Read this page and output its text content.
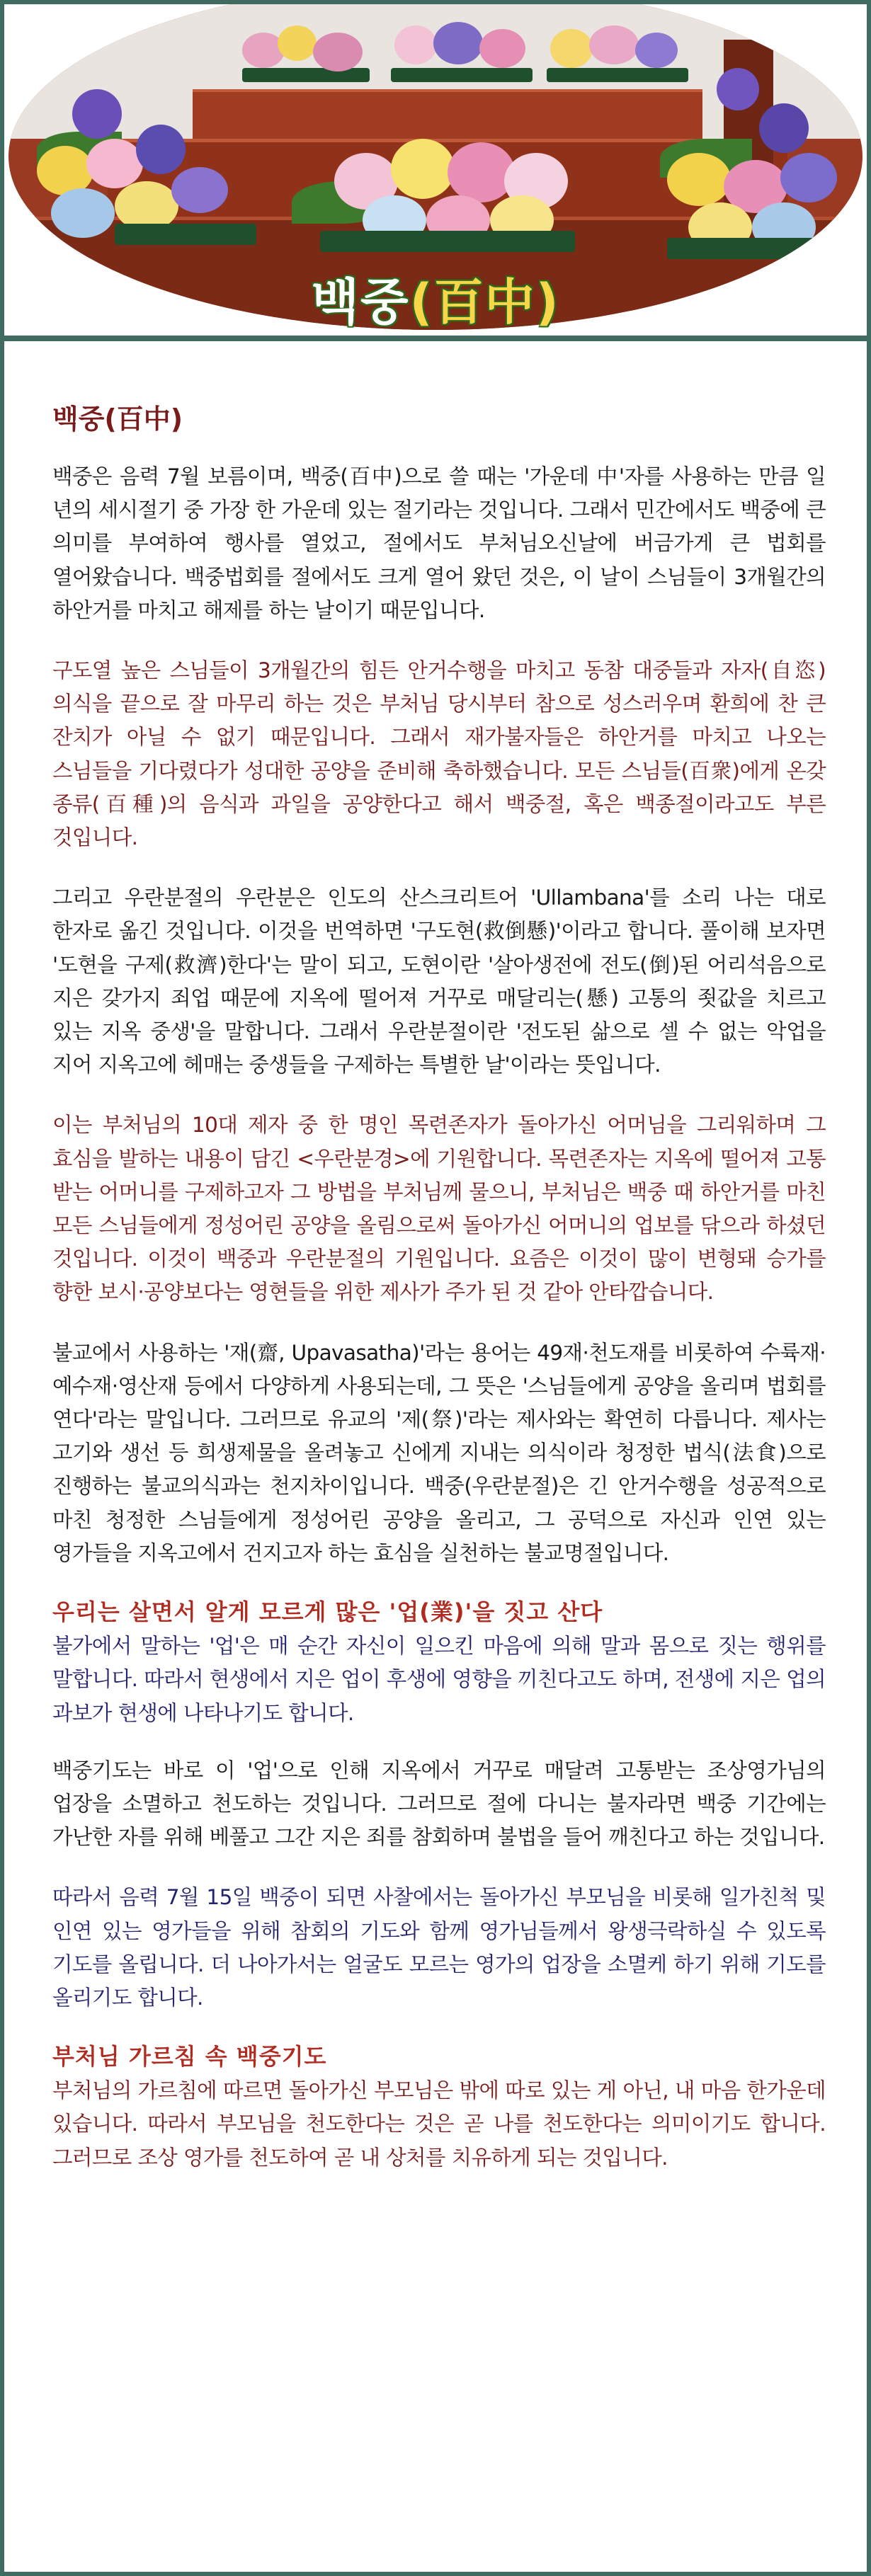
백중(百中)
백중(百中)

백중은 음력 7월 보름이며, 백중(百中)으로 쓸 때는 '가운데 中'자를 사용하는 만큼 일 년의 세시절기 중 가장 한 가운데 있는 절기라는 것입니다. 그래서 민간에서도 백중에 큰 의미를 부여하여 행사를 열었고, 절에서도 부처님오신날에 버금가게 큰 법회를 열어왔습니다. 백중법회를 절에서도 크게 열어 왔던 것은, 이 날이 스님들이 3개월간의 하안거를 마치고 해제를 하는 날이기 때문입니다.

구도열 높은 스님들이 3개월간의 힘든 안거수행을 마치고 동참 대중들과 자자(自恣) 의식을 끝으로 잘 마무리 하는 것은 부처님 당시부터 참으로 성스러우며 환희에 찬 큰 잔치가 아닐 수 없기 때문입니다. 그래서 재가불자들은 하안거를 마치고 나오는 스님들을 기다렸다가 성대한 공양을 준비해 축하했습니다. 모든 스님들(百衆)에게 온갖 종류(百種)의 음식과 과일을 공양한다고 해서 백중절, 혹은 백종절이라고도 부른 것입니다.

그리고 우란분절의 우란분은 인도의 산스크리트어 'Ullambana'를 소리 나는 대로 한자로 옮긴 것입니다. 이것을 번역하면 '구도현(救倒懸)'이라고 합니다. 풀이해 보자면 '도현을 구제(救濟)한다'는 말이 되고, 도현이란 '살아생전에 전도(倒)된 어리석음으로 지은 갖가지 죄업 때문에 지옥에 떨어져 거꾸로 매달리는(懸) 고통의 죗값을 치르고 있는 지옥 중생'을 말합니다. 그래서 우란분절이란 '전도된 삶으로 셀 수 없는 악업을 지어 지옥고에 헤매는 중생들을 구제하는 특별한 날'이라는 뜻입니다.

이는 부처님의 10대 제자 중 한 명인 목련존자가 돌아가신 어머님을 그리워하며 그 효심을 발하는 내용이 담긴 <우란분경>에 기원합니다. 목련존자는 지옥에 떨어져 고통 받는 어머니를 구제하고자 그 방법을 부처님께 물으니, 부처님은 백중 때 하안거를 마친 모든 스님들에게 정성어린 공양을 올림으로써 돌아가신 어머니의 업보를 닦으라 하셨던 것입니다. 이것이 백중과 우란분절의 기원입니다. 요즘은 이것이 많이 변형돼 승가를 향한 보시·공양보다는 영현들을 위한 제사가 주가 된 것 같아 안타깝습니다.

불교에서 사용하는 '재(齋, Upavasatha)'라는 용어는 49재·천도재를 비롯하여 수륙재·예수재·영산재 등에서 다양하게 사용되는데, 그 뜻은 '스님들에게 공양을 올리며 법회를 연다'라는 말입니다. 그러므로 유교의 '제(祭)'라는 제사와는 확연히 다릅니다. 제사는 고기와 생선 등 희생제물을 올려놓고 신에게 지내는 의식이라 청정한 법식(法食)으로 진행하는 불교의식과는 천지차이입니다. 백중(우란분절)은 긴 안거수행을 성공적으로 마친 청정한 스님들에게 정성어린 공양을 올리고, 그 공덕으로 자신과 인연 있는 영가들을 지옥고에서 건지고자 하는 효심을 실천하는 불교명절입니다.

우리는 살면서 알게 모르게 많은 '업(業)'을 짓고 산다

불가에서 말하는 '업'은 매 순간 자신이 일으킨 마음에 의해 말과 몸으로 짓는 행위를 말합니다. 따라서 현생에서 지은 업이 후생에 영향을 끼친다고도 하며, 전생에 지은 업의 과보가 현생에 나타나기도 합니다.

백중기도는 바로 이 '업'으로 인해 지옥에서 거꾸로 매달려 고통받는 조상영가님의 업장을 소멸하고 천도하는 것입니다. 그러므로 절에 다니는 불자라면 백중 기간에는 가난한 자를 위해 베풀고 그간 지은 죄를 참회하며 불법을 들어 깨친다고 하는 것입니다.

따라서 음력 7월 15일 백중이 되면 사찰에서는 돌아가신 부모님을 비롯해 일가친척 및 인연 있는 영가들을 위해 참회의 기도와 함께 영가님들께서 왕생극락하실 수 있도록 기도를 올립니다. 더 나아가서는 얼굴도 모르는 영가의 업장을 소멸케 하기 위해 기도를 올리기도 합니다.

부처님 가르침 속 백중기도

부처님의 가르침에 따르면 돌아가신 부모님은 밖에 따로 있는 게 아닌, 내 마음 한가운데 있습니다. 따라서 부모님을 천도한다는 것은 곧 나를 천도한다는 의미이기도 합니다. 그러므로 조상 영가를 천도하여 곧 내 상처를 치유하게 되는 것입니다.
